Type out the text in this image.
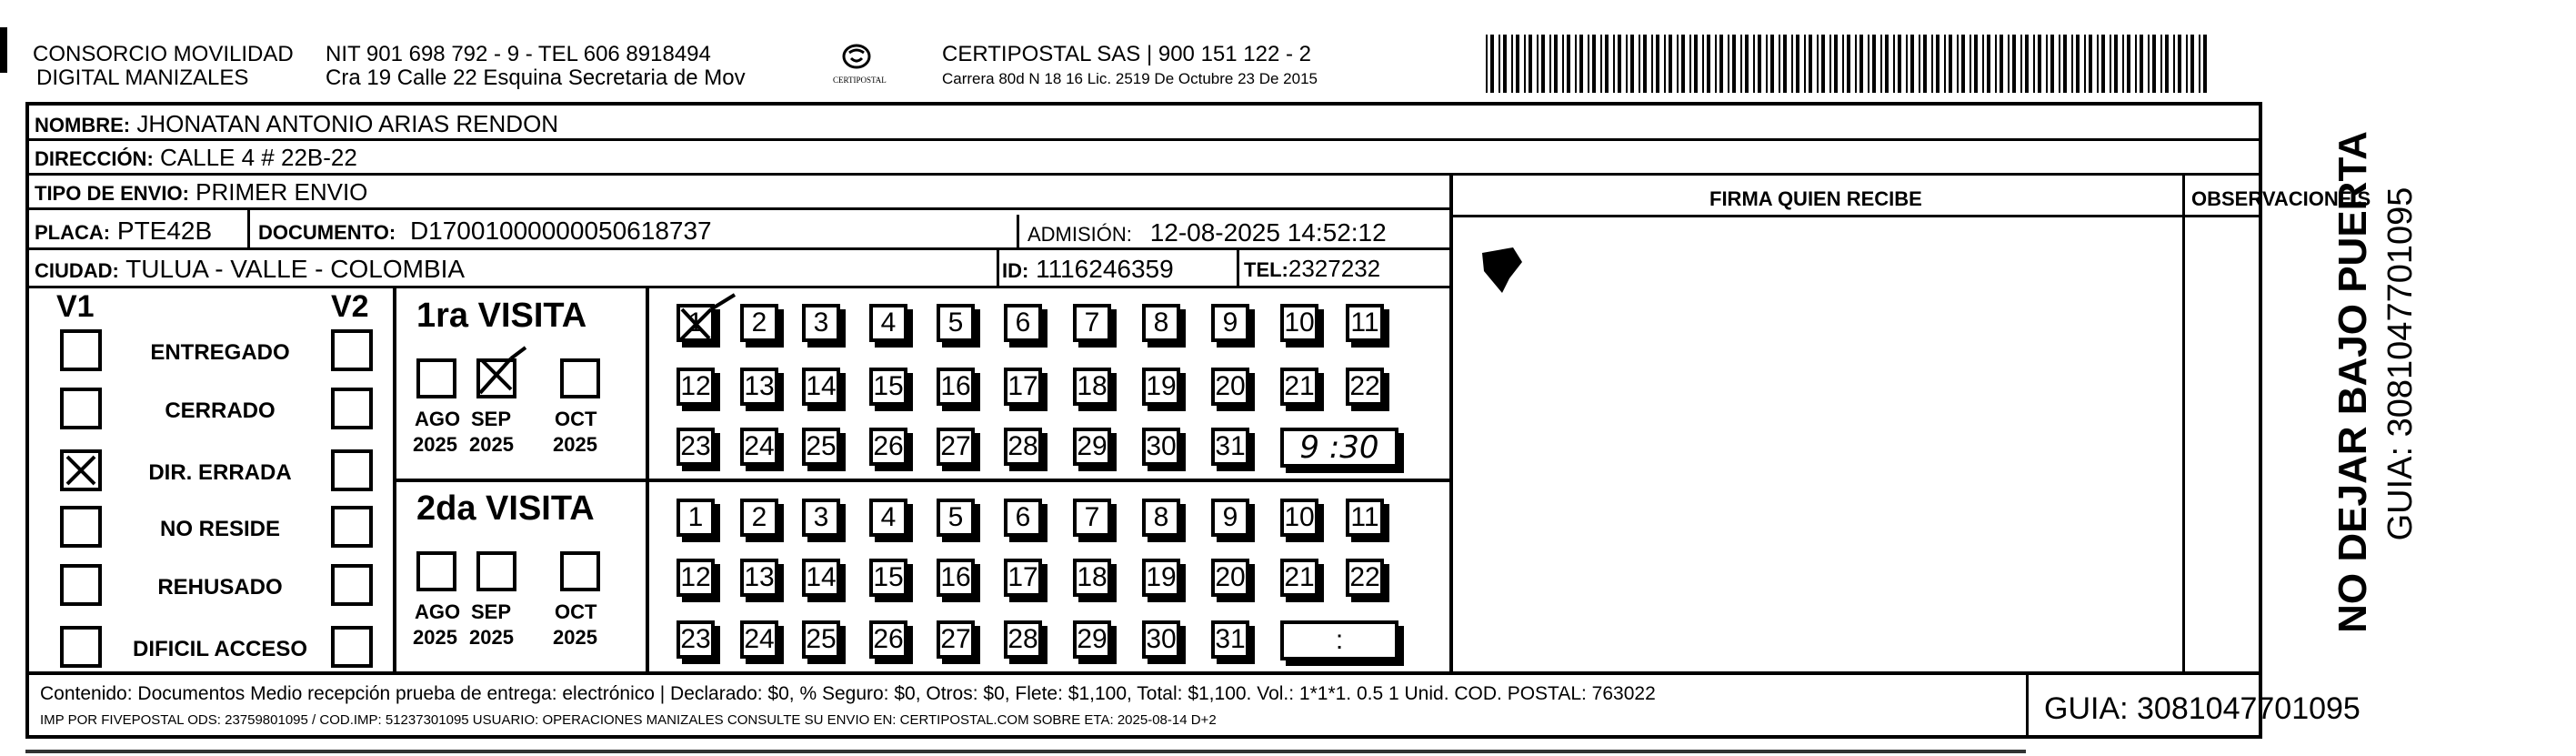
CONSORCIO MOVILIDAD
DIGITAL MANIZALES
NIT 901 698 792 - 9 - TEL 606 8918494
Cra 19 Calle 22 Esquina Secretaria de Mov	CERTIPOSTAL
CERTIPOSTAL SAS | 900 151 122 - 2
Carrera 80d N 18 16 Lic. 2519 De Octubre 23 De 2015
NOMBRE: JHONATAN ANTONIO ARIAS RENDON
DIRECCIÓN: CALLE 4 # 22B-22
TIPO DE ENVIO: PRIMER ENVIO	FIRMA QUIEN RECIBE	OBSERVACIONE S
PLACA: PTE42B DOCUMENTO: D17001000000050618737	ADMISIÓN: 12-08-2025 14:52:12
CIUDAD: TULUA - VALLE - COLOMBIA	ID: 1116246359	TEL:2327232
V1	V2
ENTREGADO
CERRADO
DIR. ERRADA
NO RESIDE
REHUSADO
DIFICIL ACCESO
1ra VISITA
2da VISITA
AGO
2025
SEP
2025
OCT
2025
AGO
2025
SEP
2025
OCT
2025
1 2 3 4 5 6 7 8 9 10 11
12 13 14 15 16 17 18 19 20 21 22
23 24 25 26 27 28 29 30 31 9 :30
1 2 3 4 5 6 7 8 9 10 11
12 13 14 15 16 17 18 19 20 21 22
23 24 25 26 27 28 29 30 31	:
Contenido: Documentos Medio recepción prueba de entrega: electrónico | Declarado: $0, % Seguro: $0, Otros: $0, Flete: $1,100, Total: $1,100. Vol.: 1*1*1. 0.5 1 Unid. COD. POSTAL: 763022
IMP POR FIVEPOSTAL ODS: 23759801095 / COD.IMP: 51237301095 USUARIO: OPERACIONES MANIZALES CONSULTE SU ENVIO EN: CERTIPOSTAL.COM SOBRE ETA: 2025-08-14 D+2	GUIA: 3081047701095
NO DEJAR BAJO PUERTA GUIA: 3081047701095
